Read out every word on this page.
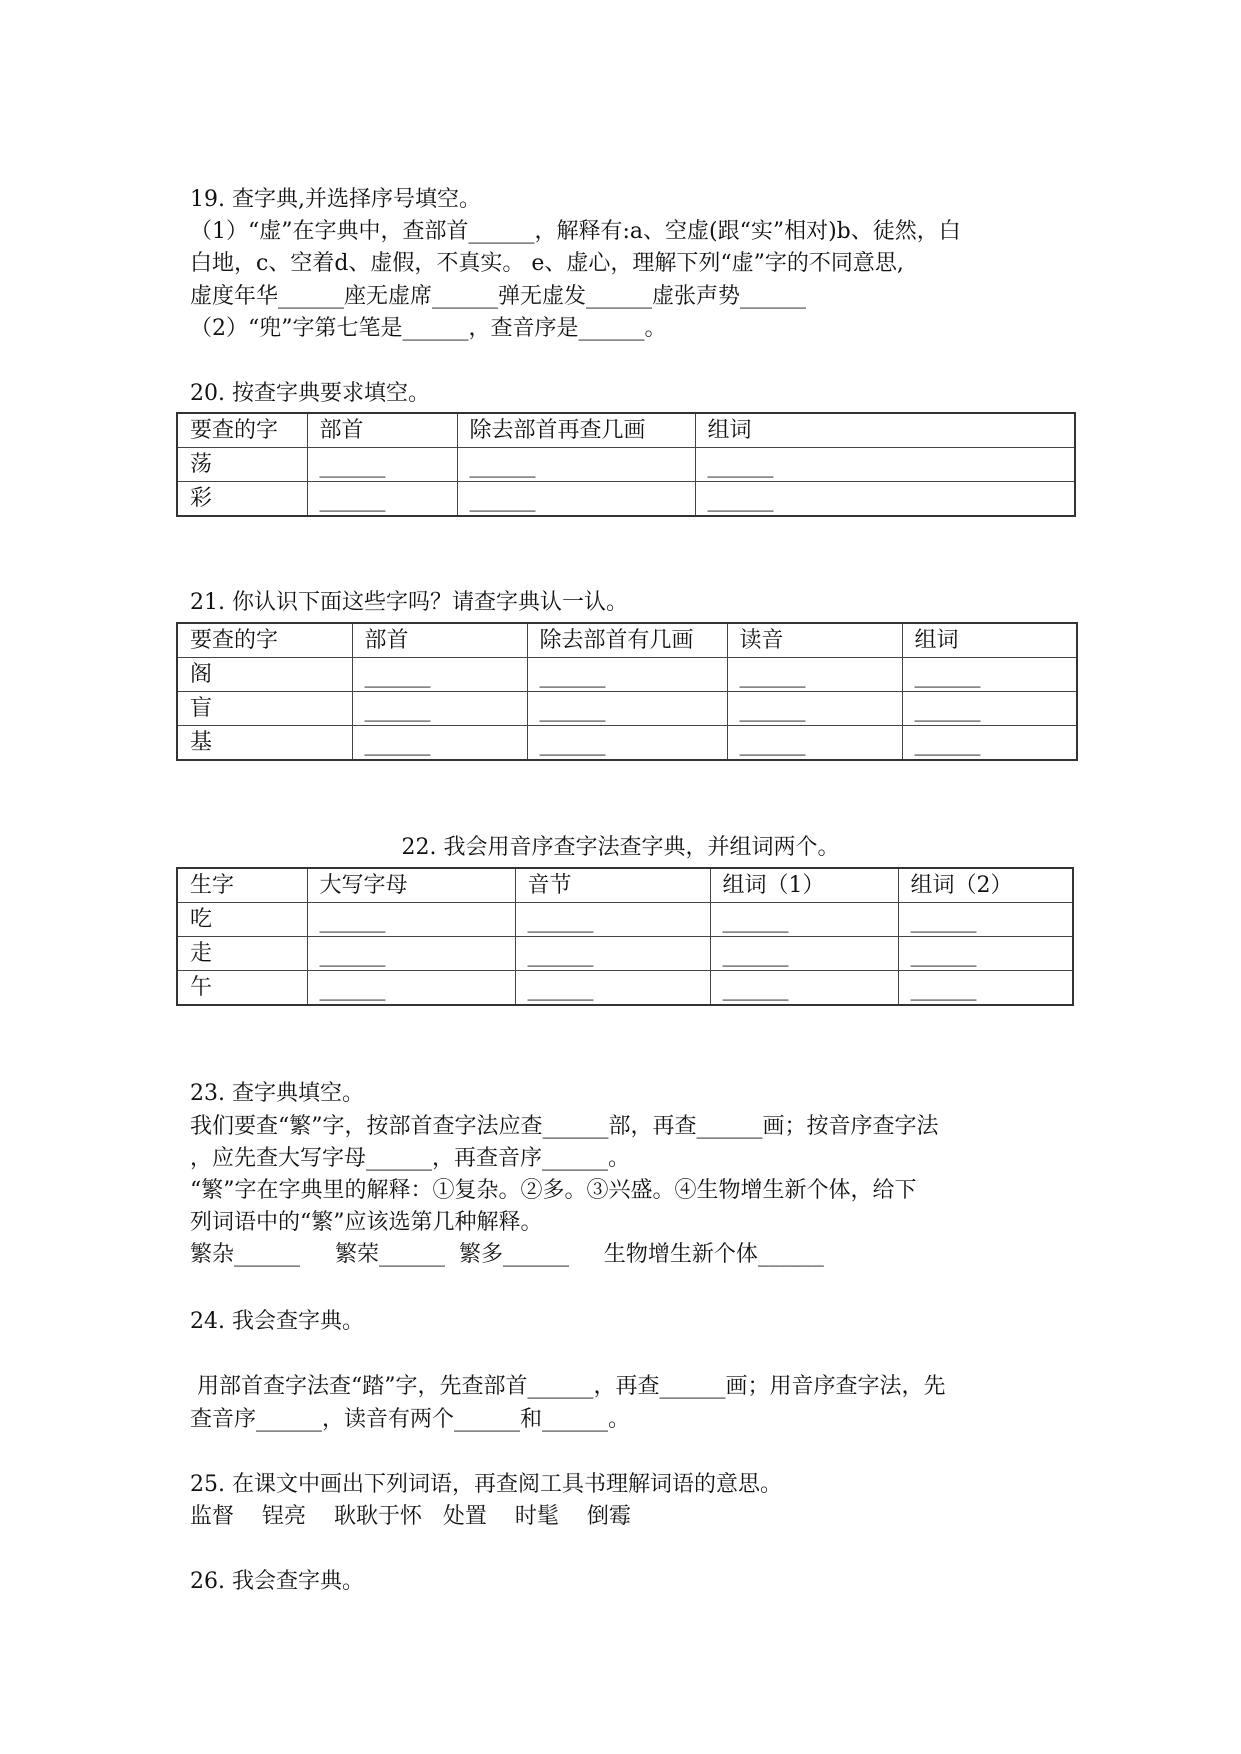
19. 查字典,并选择序号填空。
（1）“虚”在字典中，查部首______，解释有:a、空虚(跟“实”相对)b、徒然，白
白地，c、空着d、虚假，不真实。 e、虚心，理解下列“虚”字的不同意思,
虚度年华______座无虚席______弹无虚发______虚张声势______
（2）“兜”字第七笔是______，查音序是______。
20. 按查字典要求填空。
要查的字	部首	除去部首再查几画	组词
荡	______	______	______
彩	______	______	______
21. 你认识下面这些字吗？请查字典认一认。
要查的字	部首	除去部首有几画	读音	组词
阁	______	______	______	______
盲	______	______	______	______
基	______	______	______	______
22. 我会用音序查字法查字典，并组词两个。
生字	大写字母	音节	组词（1）	组词（2）
吃	______	______	______	______
走	______	______	______	______
午	______	______	______	______
23. 查字典填空。
我们要查“繁”字，按部首查字法应查______部，再查______画；按音序查字法
，应先查大写字母______，再查音序______。
“繁”字在字典里的解释：①复杂。②多。③兴盛。④生物增生新个体，给下
列词语中的“繁”应该选第几种解释。
繁杂______     繁荣______  繁多______     生物增生新个体______
24. 我会查字典。
用部首查字法查“踏”字，先查部首______，再查______画；用音序查字法，先
查音序______，读音有两个______和______。
25. 在课文中画出下列词语，再查阅工具书理解词语的意思。
监督    锃亮    耿耿于怀   处置    时髦    倒霉
26. 我会查字典。
